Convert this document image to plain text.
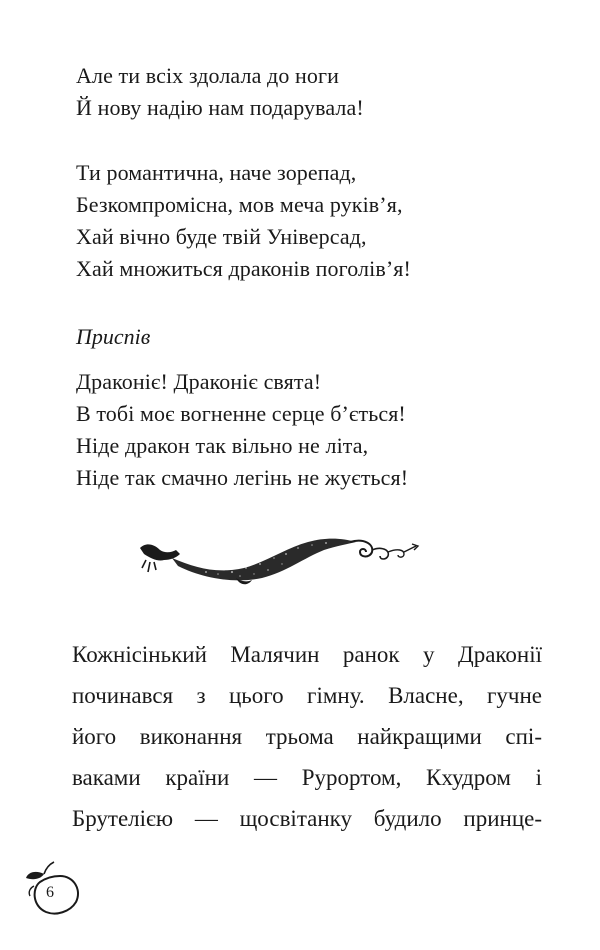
Але ти всіх здолала до ноги
Й нову надію нам подарувала!
Ти романтична, наче зорепад,
Безкомпромісна, мов меча руків’я,
Хай вічно буде твій Універсад,
Хай множиться драконів поголів’я!
Приспів
Драконіє! Драконіє свята!
В тобі моє вогненне серце б’ється!
Ніде дракон так вільно не літа,
Ніде так смачно легінь не жується!
Кожнісінький Малячин ранок у Драконії
починався з цього гімну. Власне, гучне
його виконання трьома найкращими спі-
ваками країни — Рурортом, Кхудром і
Брутелією — щосвітанку будило принце-
6
